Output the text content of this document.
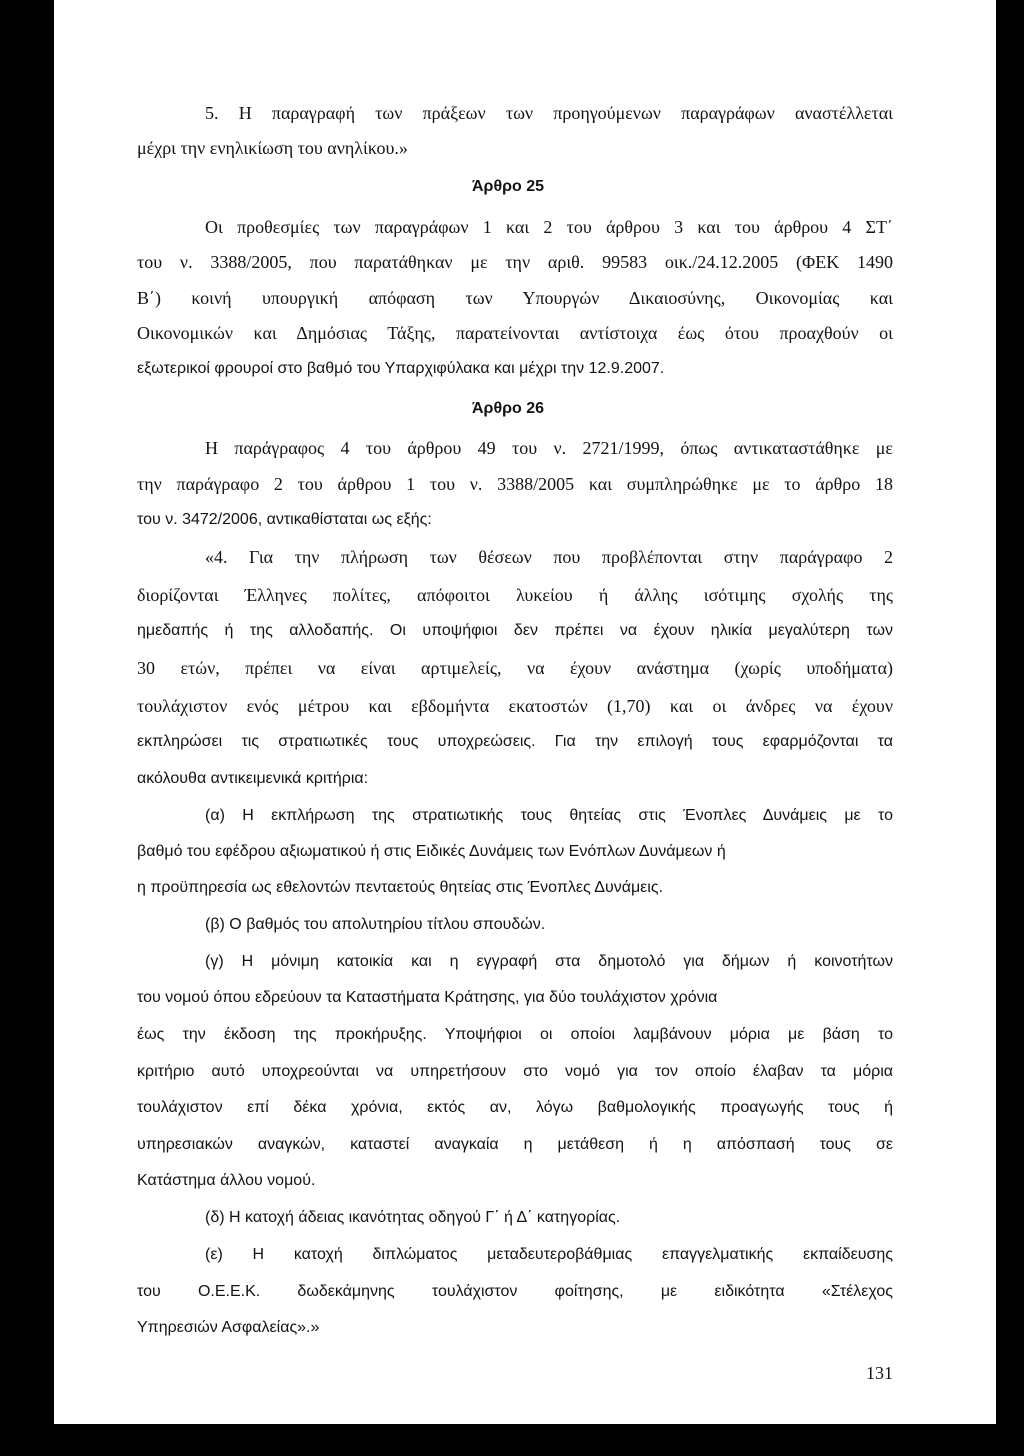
5. Η παραγραφή των πράξεων των προηγούμενων παραγράφων αναστέλλεται
μέχρι την ενηλικίωση του ανηλίκου.»
Άρθρο 25
Οι προθεσμίες των παραγράφων 1 και 2 του άρθρου 3 και του άρθρου 4 ΣΤ΄
του ν. 3388/2005, που παρατάθηκαν με την αριθ. 99583 οικ./24.12.2005 (ΦΕΚ 1490
Β΄) κοινή υπουργική απόφαση των Υπουργών Δικαιοσύνης, Οικονομίας και
Οικονομικών και Δημόσιας Τάξης, παρατείνονται αντίστοιχα έως ότου προαχθούν οι
εξωτερικοί φρουροί στο βαθμό του Υπαρχιφύλακα και μέχρι την 12.9.2007.
Άρθρο 26
Η παράγραφος 4 του άρθρου 49 του ν. 2721/1999, όπως αντικαταστάθηκε με
την παράγραφο 2 του άρθρου 1 του ν. 3388/2005 και συμπληρώθηκε με το άρθρο 18
του ν. 3472/2006, αντικαθίσταται ως εξής:
«4. Για την πλήρωση των θέσεων που προβλέπονται στην παράγραφο 2
διορίζονται Έλληνες πολίτες, απόφοιτοι λυκείου ή άλλης ισότιμης σχολής της
ημεδαπής ή της αλλοδαπής. Οι υποψήφιοι δεν πρέπει να έχουν ηλικία μεγαλύτερη των
30 ετών, πρέπει να είναι αρτιμελείς, να έχουν ανάστημα (χωρίς υποδήματα)
τουλάχιστον ενός μέτρου και εβδομήντα εκατοστών (1,70) και οι άνδρες να έχουν
εκπληρώσει τις στρατιωτικές τους υποχρεώσεις. Για την επιλογή τους εφαρμόζονται τα
ακόλουθα αντικειμενικά κριτήρια:
(α) Η εκπλήρωση της στρατιωτικής τους θητείας στις Ένοπλες Δυνάμεις με το
βαθμό του εφέδρου αξιωματικού ή στις Ειδικές Δυνάμεις των Ενόπλων Δυνάμεων ή
η προϋπηρεσία ως εθελοντών πενταετούς θητείας στις Ένοπλες Δυνάμεις.
(β) Ο βαθμός του απολυτηρίου τίτλου σπουδών.
(γ) Η μόνιμη κατοικία και η εγγραφή στα δημοτολό για δήμων ή κοινοτήτων
του νομού όπου εδρεύουν τα Καταστήματα Κράτησης, για δύο τουλάχιστον χρόνια
έως την έκδοση της προκήρυξης. Υποψήφιοι οι οποίοι λαμβάνουν μόρια με βάση το
κριτήριο αυτό υποχρεούνται να υπηρετήσουν στο νομό για τον οποίο έλαβαν τα μόρια
τουλάχιστον επί δέκα χρόνια, εκτός αν, λόγω βαθμολογικής προαγωγής τους ή
υπηρεσιακών αναγκών, καταστεί αναγκαία η μετάθεση ή η απόσπασή τους σε
Κατάστημα άλλου νομού.
(δ) Η κατοχή άδειας ικανότητας οδηγού Γ΄ ή Δ΄ κατηγορίας.
(ε) Η κατοχή διπλώματος μεταδευτεροβάθμιας επαγγελματικής εκπαίδευσης
του Ο.Ε.Ε.Κ. δωδεκάμηνης τουλάχιστον φοίτησης, με ειδικότητα «Στέλεχος
Υπηρεσιών Ασφαλείας».»
131
